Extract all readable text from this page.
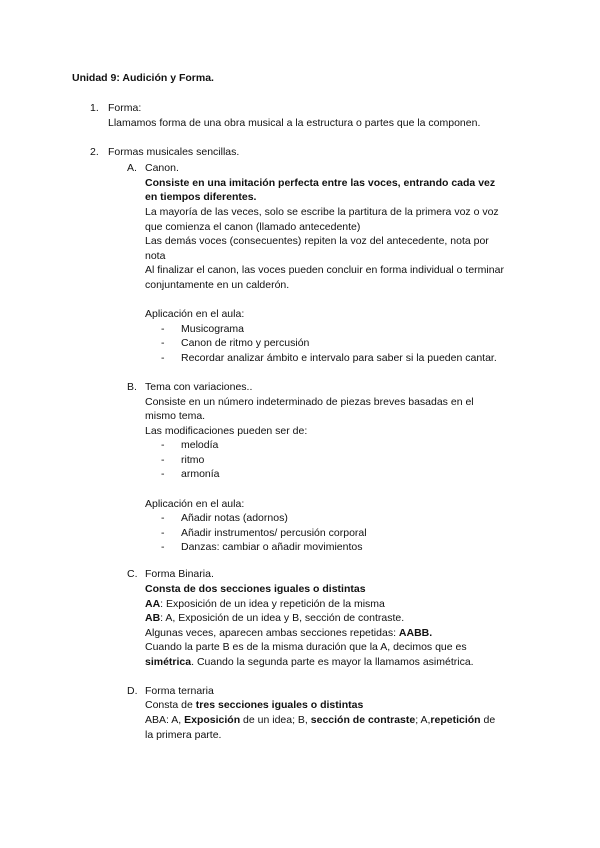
Unidad 9: Audición y Forma.
1. Forma:
Llamamos forma de una obra musical a la estructura o partes que la componen.
2. Formas musicales sencillas.
A. Canon.
Consiste en una imitación perfecta entre las voces, entrando cada vez
en tiempos diferentes.
La mayoría de las veces, solo se escribe la partitura de la primera voz o voz
que comienza el canon (llamado antecedente)
Las demás voces (consecuentes) repiten la voz del antecedente, nota por
nota
Al finalizar el canon, las voces pueden concluir en forma individual o terminar
conjuntamente en un calderón.
Aplicación en el aula:
- Musicograma
- Canon de ritmo y percusión
- Recordar analizar ámbito e intervalo para saber si la pueden cantar.
B. Tema con variaciones..
Consiste en un número indeterminado de piezas breves basadas en el
mismo tema.
Las modificaciones pueden ser de:
- melodía
- ritmo
- armonía
Aplicación en el aula:
- Añadir notas (adornos)
- Añadir instrumentos/ percusión corporal
- Danzas: cambiar o añadir movimientos
C. Forma Binaria.
Consta de dos secciones iguales o distintas
AA: Exposición de un idea y repetición de la misma
AB: A, Exposición de un idea y B, sección de contraste.
Algunas veces, aparecen ambas secciones repetidas: AABB.
Cuando la parte B es de la misma duración que la A, decimos que es
simétrica. Cuando la segunda parte es mayor la llamamos asimétrica.
D. Forma ternaria
Consta de tres secciones iguales o distintas
ABA: A, Exposición de un idea; B, sección de contraste; A,repetición de
la primera parte.
